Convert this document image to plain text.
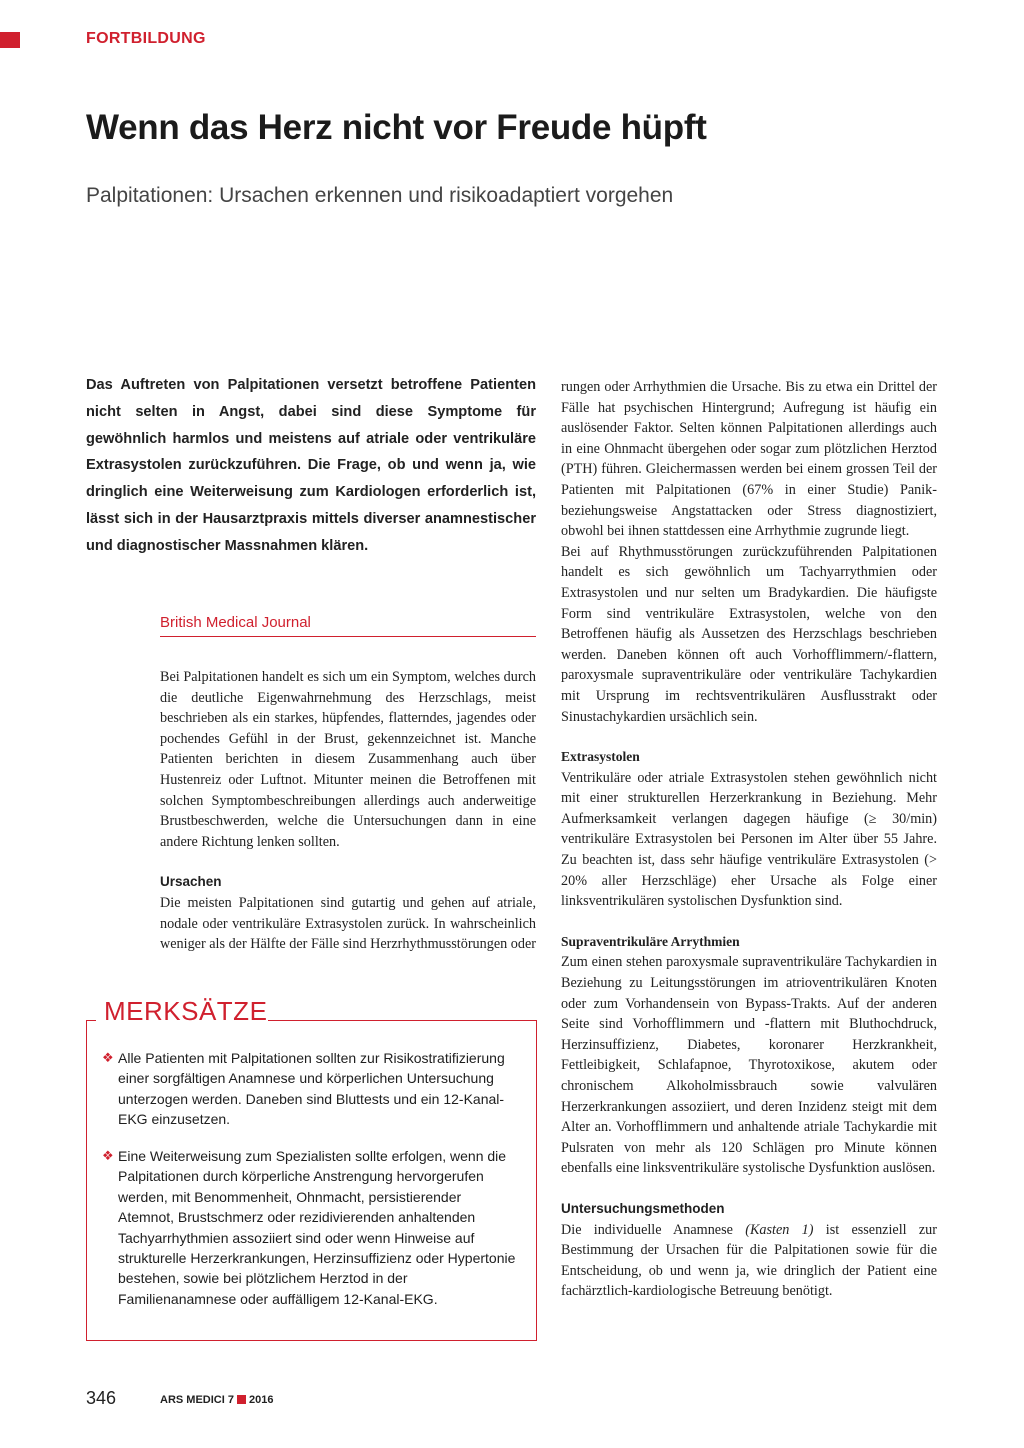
FORTBILDUNG
Wenn das Herz nicht vor Freude hüpft
Palpitationen: Ursachen erkennen und risikoadaptiert vorgehen

Das Auftreten von Palpitationen versetzt betroffene Patienten nicht selten in Angst, dabei sind diese Symptome für gewöhnlich harmlos und meistens auf atriale oder ventrikuläre Extrasystolen zurückzuführen. Die Frage, ob und wenn ja, wie dringlich eine Weiterweisung zum Kardiologen erforderlich ist, lässt sich in der Hausarztpraxis mittels diverser anamnestischer und diagnostischer Massnahmen klären.

British Medical Journal

Bei Palpitationen handelt es sich um ein Symptom, welches durch die deutliche Eigenwahrnehmung des Herzschlags, meist beschrieben als ein starkes, hüpfendes, flatterndes, jagendes oder pochendes Gefühl in der Brust, gekennzeichnet ist. Manche Patienten berichten in diesem Zusammenhang auch über Hustenreiz oder Luftnot. Mitunter meinen die Betroffenen mit solchen Symptombeschreibungen allerdings auch anderweitige Brustbeschwerden, welche die Untersuchungen dann in eine andere Richtung lenken sollten.

Ursachen

Die meisten Palpitationen sind gutartig und gehen auf atriale, nodale oder ventrikuläre Extrasystolen zurück. In wahrscheinlich weniger als der Hälfte der Fälle sind Herzrhythmusstörungen oder

rungen oder Arrhythmien die Ursache. Bis zu etwa ein Drittel der Fälle hat psychischen Hintergrund; Aufregung ist häufig ein auslösender Faktor. Selten können Palpitationen allerdings auch in eine Ohnmacht übergehen oder sogar zum plötzlichen Herztod (PTH) führen. Gleichermassen werden bei einem grossen Teil der Patienten mit Palpitationen (67% in einer Studie) Panik- beziehungsweise Angstattacken oder Stress diagnostiziert, obwohl bei ihnen stattdessen eine Arrhythmie zugrunde liegt.

Bei auf Rhythmusstörungen zurückzuführenden Palpitationen handelt es sich gewöhnlich um Tachyarrythmien oder Extrasystolen und nur selten um Bradykardien. Die häufigste Form sind ventrikuläre Extrasystolen, welche von den Betroffenen häufig als Aussetzen des Herzschlags beschrieben werden. Daneben können oft auch Vorhofflimmern/-flattern, paroxysmale supraventrikuläre oder ventrikuläre Tachykardien mit Ursprung im rechtsventrikulären Ausflusstrakt oder Sinustachykardien ursächlich sein.

Extrasystolen

Ventrikuläre oder atriale Extrasystolen stehen gewöhnlich nicht mit einer strukturellen Herzerkrankung in Beziehung. Mehr Aufmerksamkeit verlangen dagegen häufige (≥ 30/min) ventrikuläre Extrasystolen bei Personen im Alter über 55 Jahre. Zu beachten ist, dass sehr häufige ventrikuläre Extrasystolen (> 20% aller Herzschläge) eher Ursache als Folge einer linksventrikulären systolischen Dysfunktion sind.

Supraventrikuläre Arrythmien

Zum einen stehen paroxysmale supraventrikuläre Tachykardien in Beziehung zu Leitungsstörungen im atrioventrikulären Knoten oder zum Vorhandensein von Bypass-Trakts. Auf der anderen Seite sind Vorhofflimmern und -flattern mit Bluthochdruck, Herzinsuffizienz, Diabetes, koronarer Herzkrankheit, Fettleibigkeit, Schlafapnoe, Thyrotoxikose, akutem oder chronischem Alkoholmissbrauch sowie valvulären Herzerkrankungen assoziiert, und deren Inzidenz steigt mit dem Alter an. Vorhofflimmern und anhaltende atriale Tachykardie mit Pulsraten von mehr als 120 Schlägen pro Minute können ebenfalls eine linksventrikuläre systolische Dysfunktion auslösen.

Untersuchungsmethoden

Die individuelle Anamnese (Kasten 1) ist essenziell zur Bestimmung der Ursachen für die Palpitationen sowie für die Entscheidung, ob und wenn ja, wie dringlich der Patient eine fachärztlich-kardiologische Betreuung benötigt.

MERKSÄTZE
❖ Alle Patienten mit Palpitationen sollten zur Risikostratifizierung einer sorgfältigen Anamnese und körperlichen Untersuchung unterzogen werden. Daneben sind Bluttests und ein 12-Kanal-EKG einzusetzen.
❖ Eine Weiterweisung zum Spezialisten sollte erfolgen, wenn die Palpitationen durch körperliche Anstrengung hervorgerufen werden, mit Benommenheit, Ohnmacht, persistierender Atemnot, Brustschmerz oder rezidivierenden anhaltenden Tachyarrhythmien assoziiert sind oder wenn Hinweise auf strukturelle Herzerkrankungen, Herzinsuffizienz oder Hypertonie bestehen, sowie bei plötzlichem Herztod in der Familienanamnese oder auffälligem 12-Kanal-EKG.
346	ARS MEDICI 7 2016
